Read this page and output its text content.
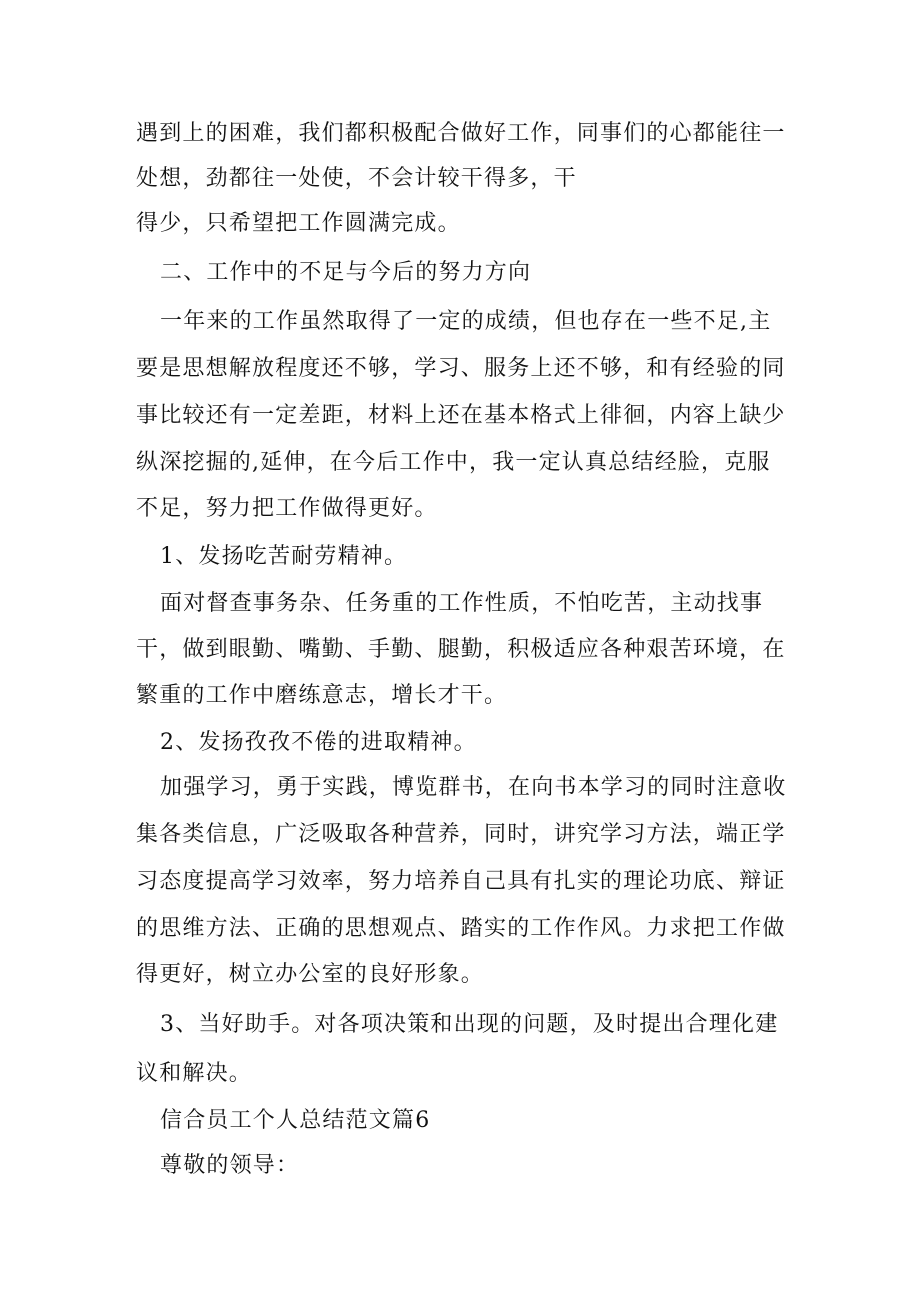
遇到上的困难，我们都积极配合做好工作，同事们的心都能往一
处想，劲都往一处使，不会计较干得多，干
得少，只希望把工作圆满完成。
二、工作中的不足与今后的努力方向
一年来的工作虽然取得了一定的成绩，但也存在一些不足,主
要是思想解放程度还不够，学习、服务上还不够，和有经验的同
事比较还有一定差距，材料上还在基本格式上徘徊，内容上缺少
纵深挖掘的,延伸，在今后工作中，我一定认真总结经脸，克服
不足，努力把工作做得更好。
1、发扬吃苦耐劳精神。
面对督查事务杂、任务重的工作性质，不怕吃苦，主动找事
干，做到眼勤、嘴勤、手勤、腿勤，积极适应各种艰苦环境，在
繁重的工作中磨练意志，增长才干。
2、发扬孜孜不倦的进取精神。
加强学习，勇于实践，博览群书，在向书本学习的同时注意收
集各类信息，广泛吸取各种营养，同时，讲究学习方法，端正学
习态度提高学习效率，努力培养自己具有扎实的理论功底、辩证
的思维方法、正确的思想观点、踏实的工作作风。力求把工作做
得更好，树立办公室的良好形象。
3、当好助手。对各项决策和出现的问题，及时提出合理化建
议和解决。
信合员工个人总结范文篇6
尊敬的领导：
